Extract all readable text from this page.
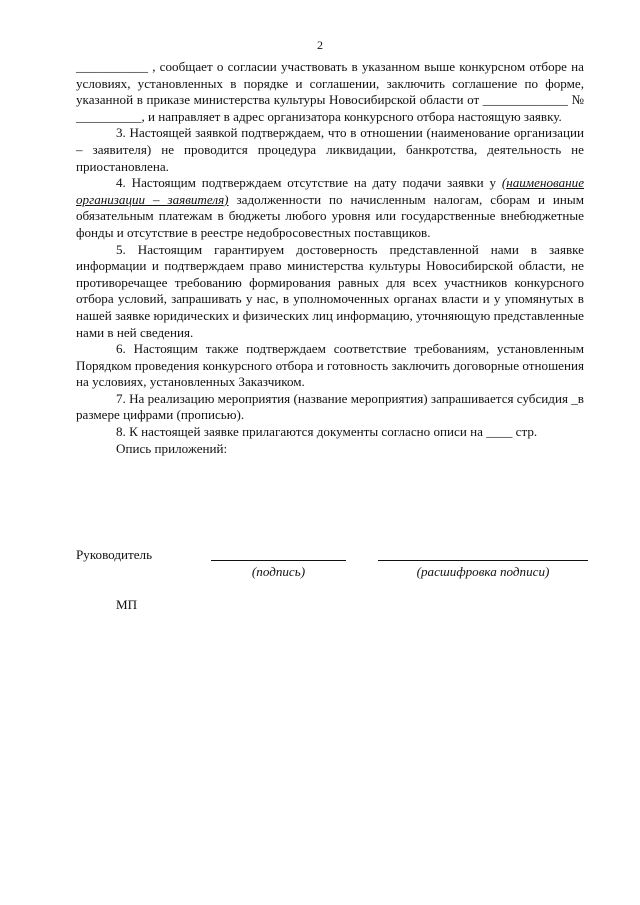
2

___________ , сообщает о согласии участвовать в указанном выше конкурсном отборе на условиях, установленных в порядке и соглашении, заключить соглашение по форме, указанной в приказе министерства культуры Новосибирской области от _____________ № __________, и направляет в адрес организатора конкурсного отбора настоящую заявку.

3. Настоящей заявкой подтверждаем, что в отношении (наименование организации – заявителя) не проводится процедура ликвидации, банкротства, деятельность не приостановлена.

4. Настоящим подтверждаем отсутствие на дату подачи заявки у (наименование организации – заявителя) задолженности по начисленным налогам, сборам и иным обязательным платежам в бюджеты любого уровня или государственные внебюджетные фонды и отсутствие в реестре недобросовестных поставщиков.

5. Настоящим гарантируем достоверность представленной нами в заявке информации и подтверждаем право министерства культуры Новосибирской области, не противоречащее требованию формирования равных для всех участников конкурсного отбора условий, запрашивать у нас, в уполномоченных органах власти и у упомянутых в нашей заявке юридических и физических лиц информацию, уточняющую представленные нами в ней сведения.

6. Настоящим также подтверждаем соответствие требованиям, установленным Порядком проведения конкурсного отбора и готовность заключить договорные отношения на условиях, установленных Заказчиком.

7. На реализацию мероприятия (название мероприятия) запрашивается субсидия _в размере цифрами (прописью).

8. К настоящей заявке прилагаются документы согласно описи на ____ стр.

Опись приложений:

Руководитель
(подпись)	(расшифровка подписи)
МП
